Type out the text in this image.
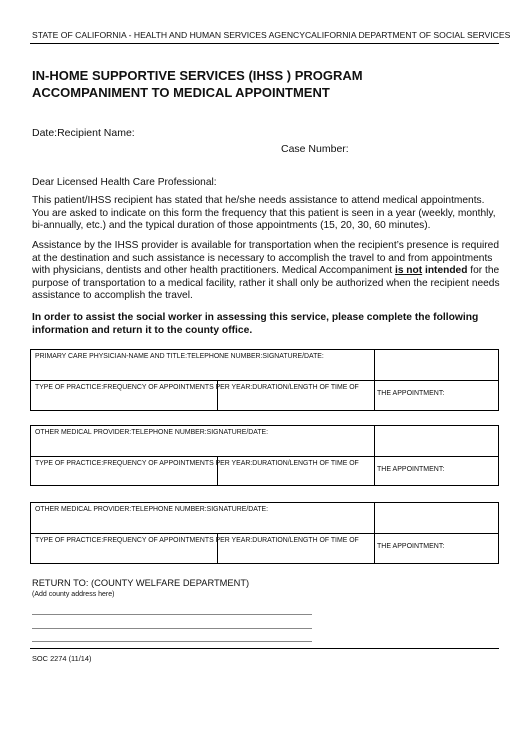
STATE OF CALIFORNIA - HEALTH AND HUMAN SERVICES AGENCYCALIFORNIA DEPARTMENT OF SOCIAL SERVICES
IN-HOME SUPPORTIVE SERVICES (IHSS ) PROGRAM
ACCOMPANIMENT TO MEDICAL APPOINTMENT
Date:Recipient Name:
Case Number:

Dear Licensed Health Care Professional:

This patient/IHSS recipient has stated that he/she needs assistance to attend medical appointments. You are asked to indicate on this form the frequency that this patient is seen in a year (weekly, monthly, bi-annually, etc.) and the typical duration of those appointments (15, 20, 30, 60 minutes).

Assistance by the IHSS provider is available for transportation when the recipient’s presence is required at the destination and such assistance is necessary to accomplish the travel to and from appointments with physicians, dentists and other health practitioners. Medical Accompaniment is not intended for the purpose of transportation to a medical facility, rather it shall only be authorized when the recipient needs assistance to accomplish the travel.

In order to assist the social worker in assessing this service, please complete the following information and return it to the county office.
PRIMARY CARE PHYSICIAN-NAME AND TITLE:TELEPHONE NUMBER:SIGNATURE/DATE:
TYPE OF PRACTICE:FREQUENCY OF APPOINTMENTS PER YEAR:DURATION/LENGTH OF TIME OF
THE APPOINTMENT:
OTHER MEDICAL PROVIDER:TELEPHONE NUMBER:SIGNATURE/DATE:
TYPE OF PRACTICE:FREQUENCY OF APPOINTMENTS PER YEAR:DURATION/LENGTH OF TIME OF
THE APPOINTMENT:
OTHER MEDICAL PROVIDER:TELEPHONE NUMBER:SIGNATURE/DATE:
TYPE OF PRACTICE:FREQUENCY OF APPOINTMENTS PER YEAR:DURATION/LENGTH OF TIME OF
THE APPOINTMENT:
RETURN TO: (COUNTY WELFARE DEPARTMENT)
(Add county address here)
SOC 2274 (11/14)
